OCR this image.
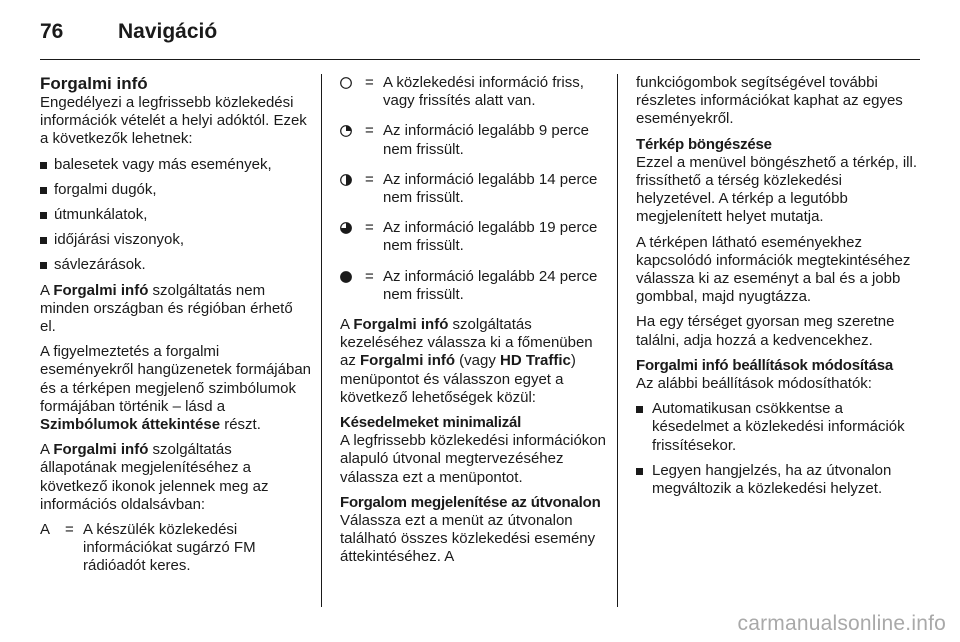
76	Navigáció
Forgalmi infó

Engedélyezi a legfrissebb közlekedési információk vételét a helyi adóktól. Ezek a következők lehetnek:

balesetek vagy más események,
forgalmi dugók,
útmunkálatok,
időjárási viszonyok,
sávlezárások.

A Forgalmi infó szolgáltatás nem minden országban és régióban érhető el.

A figyelmeztetés a forgalmi eseményekről hangüzenetek formájában és a térképen megjelenő szimbólumok formájában történik – lásd a Szimbólumok áttekintése részt.

A Forgalmi infó szolgáltatás állapotának megjelenítéséhez a következő ikonok jelennek meg az információs oldalsávban:

A = A készülék közlekedési információkat sugárzó FM rádióadót keres.
= A közlekedési információ friss, vagy frissítés alatt van.
= Az információ legalább 9 perce nem frissült.
= Az információ legalább 14 perce nem frissült.
= Az információ legalább 19 perce nem frissült.
= Az információ legalább 24 perce nem frissült.

A Forgalmi infó szolgáltatás kezeléséhez válassza ki a főmenüben az Forgalmi infó (vagy HD Traffic) menüpontot és válasszon egyet a következő lehetőségek közül:

Késedelmeket minimalizál

A legfrissebb közlekedési információkon alapuló útvonal megtervezéséhez válassza ezt a menüpontot.

Forgalom megjelenítése az útvonalon

Válassza ezt a menüt az útvonalon található összes közlekedési esemény áttekintéséhez. A

funkciógombok segítségével további részletes információkat kaphat az egyes eseményekről.

Térkép böngészése

Ezzel a menüvel böngészhető a térkép, ill. frissíthető a térség közlekedési helyzetével. A térkép a legutóbb megjelenített helyet mutatja.

A térképen látható eseményekhez kapcsolódó információk megtekintéséhez válassza ki az eseményt a bal és a jobb gombbal, majd nyugtázza.

Ha egy térséget gyorsan meg szeretne találni, adja hozzá a kedvencekhez.

Forgalmi infó beállítások módosítása

Az alábbi beállítások módosíthatók:

Automatikusan csökkentse a késedelmet a közlekedési információk frissítésekor.
Legyen hangjelzés, ha az útvonalon megváltozik a közlekedési helyzet.
carmanualsonline.info
